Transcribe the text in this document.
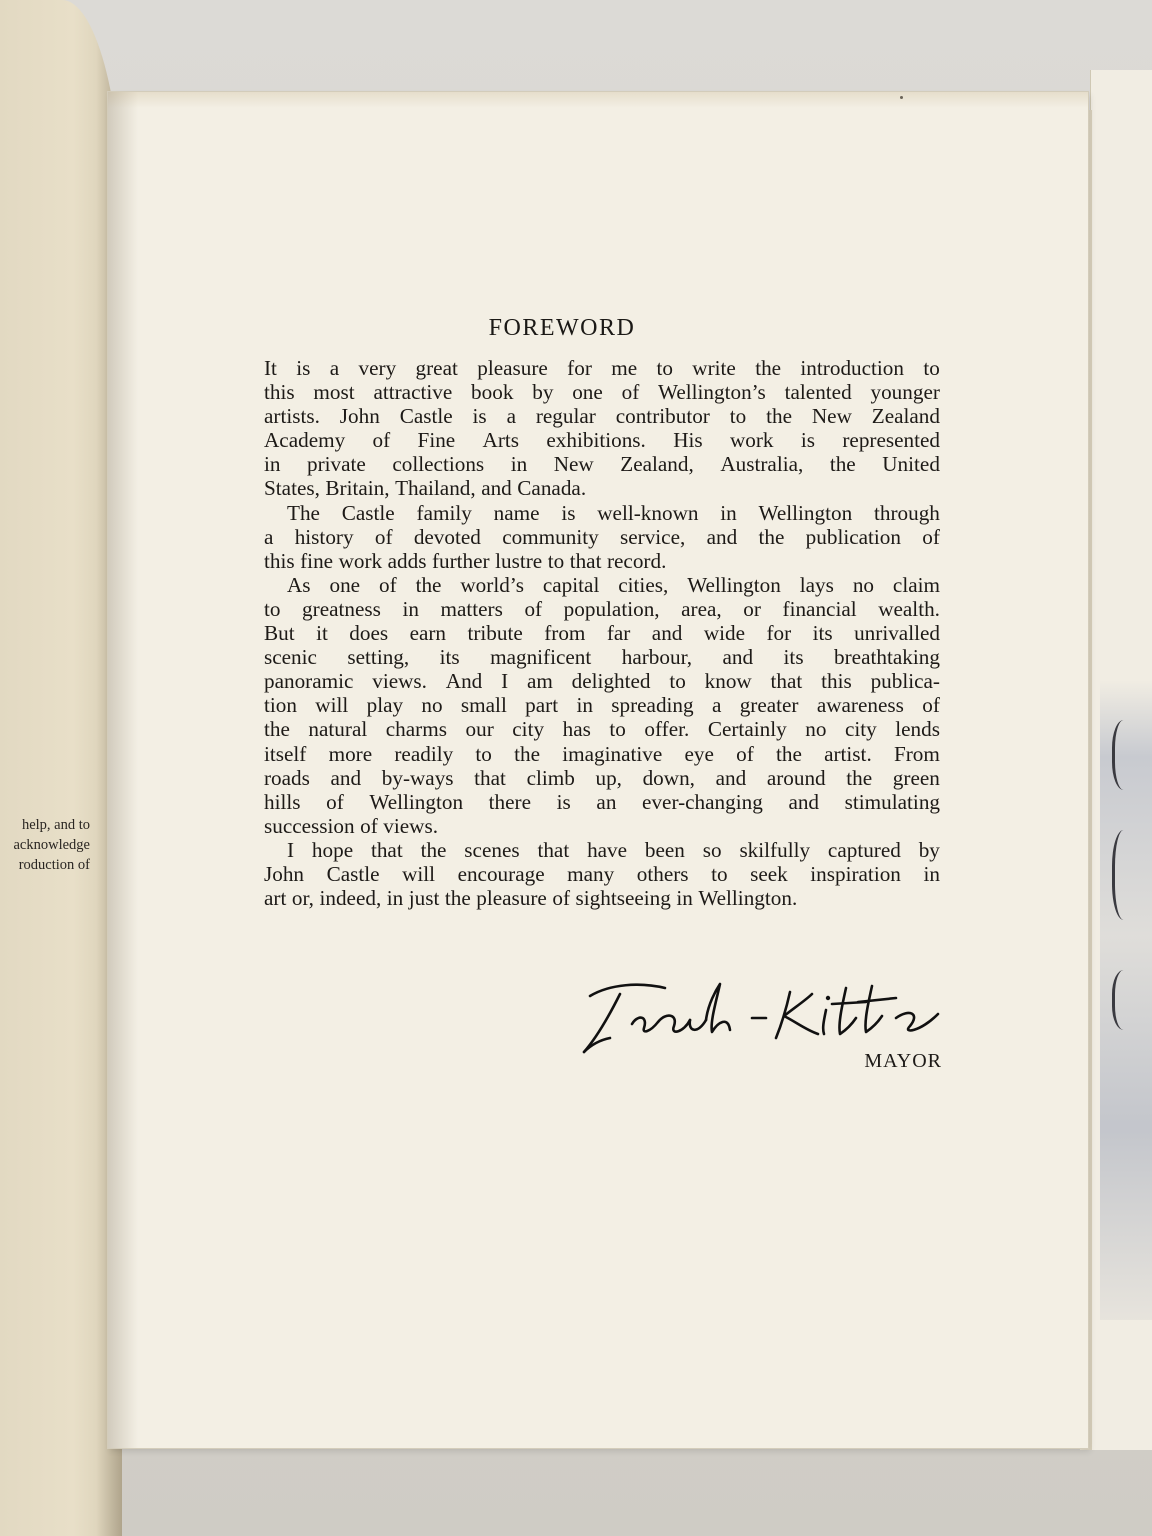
help, and to
acknowledge
roduction of
FOREWORD
It is a very great pleasure for me to write the introduction to
this most attractive book by one of Wellington’s talented younger
artists. John Castle is a regular contributor to the New Zealand
Academy of Fine Arts exhibitions. His work is represented
in private collections in New Zealand, Australia, the United
States, Britain, Thailand, and Canada.
The Castle family name is well-known in Wellington through
a history of devoted community service, and the publication of
this fine work adds further lustre to that record.
As one of the world’s capital cities, Wellington lays no claim
to greatness in matters of population, area, or financial wealth.
But it does earn tribute from far and wide for its unrivalled
scenic setting, its magnificent harbour, and its breathtaking
panoramic views. And I am delighted to know that this publica-
tion will play no small part in spreading a greater awareness of
the natural charms our city has to offer. Certainly no city lends
itself more readily to the imaginative eye of the artist. From
roads and by-ways that climb up, down, and around the green
hills of Wellington there is an ever-changing and stimulating
succession of views.
I hope that the scenes that have been so skilfully captured by
John Castle will encourage many others to seek inspiration in
art or, indeed, in just the pleasure of sightseeing in Wellington.
MAYOR
